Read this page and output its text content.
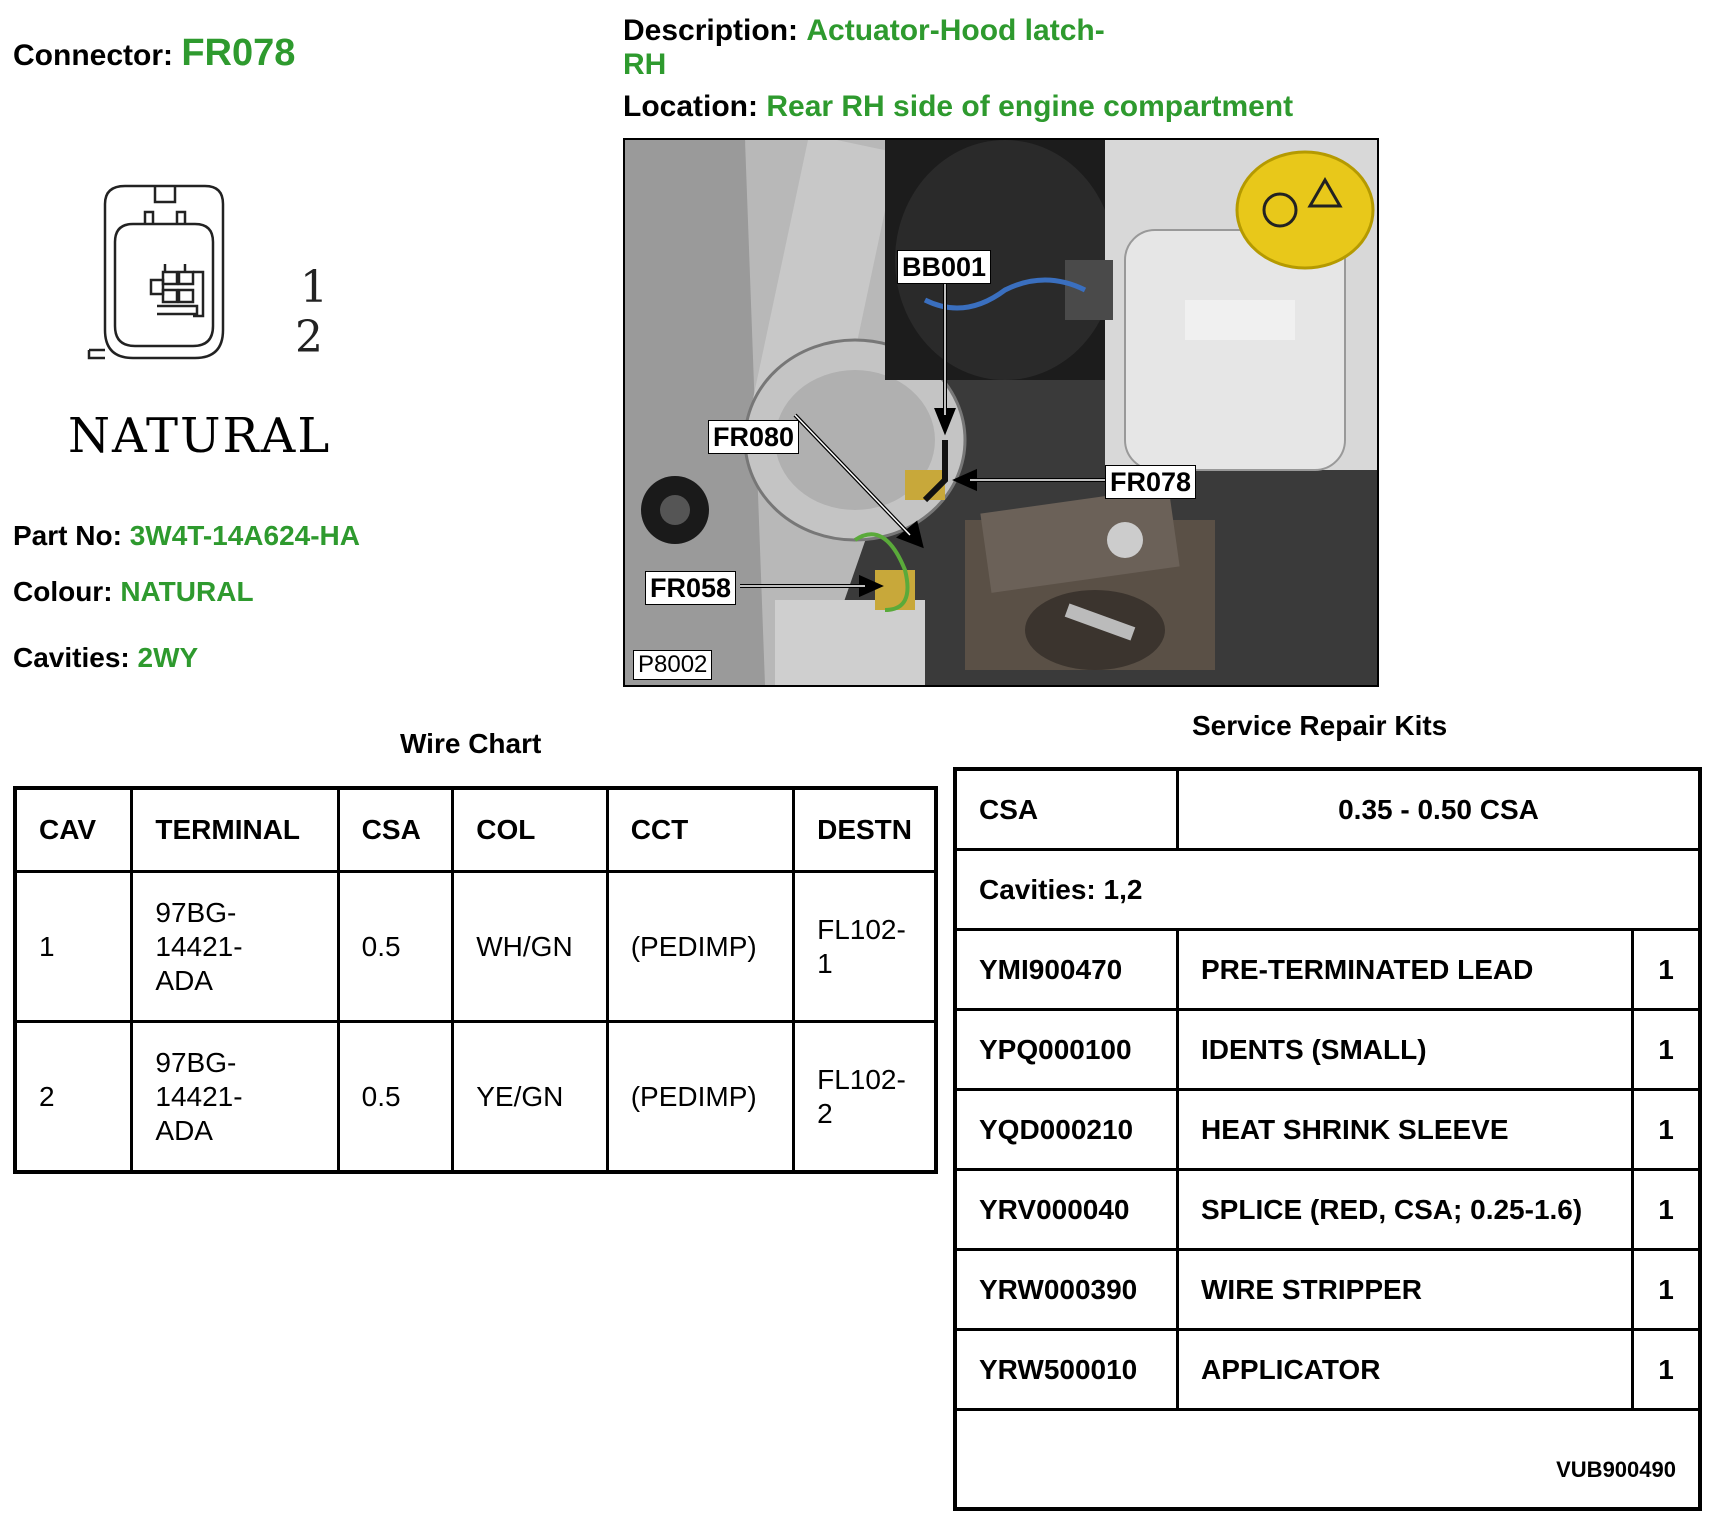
Connector: FR078
Description: Actuator-Hood latch-
RH
Location: Rear RH side of engine compartment
1
2
NATURAL
Part No: 3W4T-14A624-HA
Colour: NATURAL
Cavities: 2WY
BB001
FR080
FR078
FR058
P8002
Wire Chart
CAV	TERMINAL	CSA	COL	CCT	DESTN
1	97BG-
14421-
ADA	0.5	WH/GN	(PEDIMP)	FL102-
1
2	97BG-
14421-
ADA	0.5	YE/GN	(PEDIMP)	FL102-
2
Service Repair Kits
CSA	0.35 - 0.50 CSA	
Cavities: 1,2		
YMI900470	PRE-TERMINATED LEAD	1
YPQ000100	IDENTS (SMALL)	1
YQD000210	HEAT SHRINK SLEEVE	1
YRV000040	SPLICE (RED, CSA; 0.25-1.6)	1
YRW000390	WIRE STRIPPER	1
YRW500010	APPLICATOR	1
VUB900490		
